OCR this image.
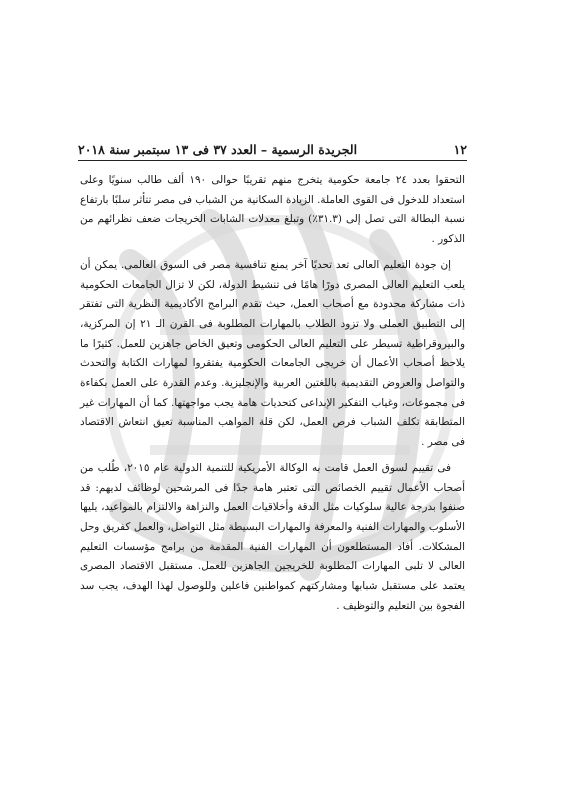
١٢
الجريدة الرسمية – العدد ٣٧ فى ١٣ سبتمبر سنة ٢٠١٨

التحقوا بعدد ٢٤ جامعة حكومية يتخرج منهم تقريبًا حوالى ١٩٠ ألف طالب سنويًا وعلى استعداد للدخول فى القوى العاملة. الزيادة السكانية من الشباب فى مصر تتأثر سلبًا بارتفاع نسبة البطالة التى تصل إلى (٣١.٣٪) وتبلغ معدلات الشابات الخريجات ضعف نظرائهم من الذكور .

إن جودة التعليم العالى تعد تحديًا آخر يمنع تنافسية مصر فى السوق العالمى. يمكن أن يلعب التعليم العالى المصرى دورًا هامًا فى تنشيط الدولة، لكن لا تزال الجامعات الحكومية ذات مشاركة محدودة مع أصحاب العمل، حيث تقدم البرامج الأكاديمية النظرية التى تفتقر إلى التطبيق العملى ولا تزود الطلاب بالمهارات المطلوبة فى القرن الـ ٢١ إن المركزية، والبيروقراطية تسيطر على التعليم العالى الحكومى وتعيق الخاص جاهزين للعمل. كثيرًا ما يلاحظ أصحاب الأعمال أن خريجى الجامعات الحكومية يفتقروا لمهارات الكتابة والتحدث والتواصل والعروض التقديمية باللغتين العربية والإنجليزية. وعدم القدرة على العمل بكفاءة فى مجموعات، وغياب التفكير الإبداعى كتحديات هامة يجب مواجهتها. كما أن المهارات غير المتطابقة تكلف الشباب فرص العمل، لكن قلة المواهب المناسبة تعيق انتعاش الاقتصاد فى مصر .

فى تقييم لسوق العمل قامت به الوكالة الأمريكية للتنمية الدولية عام ٢٠١٥، طُلب من أصحاب الأعمال تقييم الخصائص التى تعتبر هامة جدًا فى المرشحين لوظائف لديهم: قد صنفوا بدرجة عالية سلوكيات مثل الدقة وأخلاقيات العمل والنزاهة والالتزام بالمواعيد، يليها الأسلوب والمهارات الفنية والمعرفة والمهارات البسيطة مثل التواصل، والعمل كفريق وحل المشكلات. أفاد المستطلعون أن المهارات الفنية المقدمة من برامج مؤسسات التعليم العالى لا تلبى المهارات المطلوبة للخريجين الجاهزين للعمل. مستقبل الاقتصاد المصرى يعتمد على مستقبل شبابها ومشاركتهم كمواطنين فاعلين وللوصول لهذا الهدف، يجب سد الفجوة بين التعليم والتوظيف .
